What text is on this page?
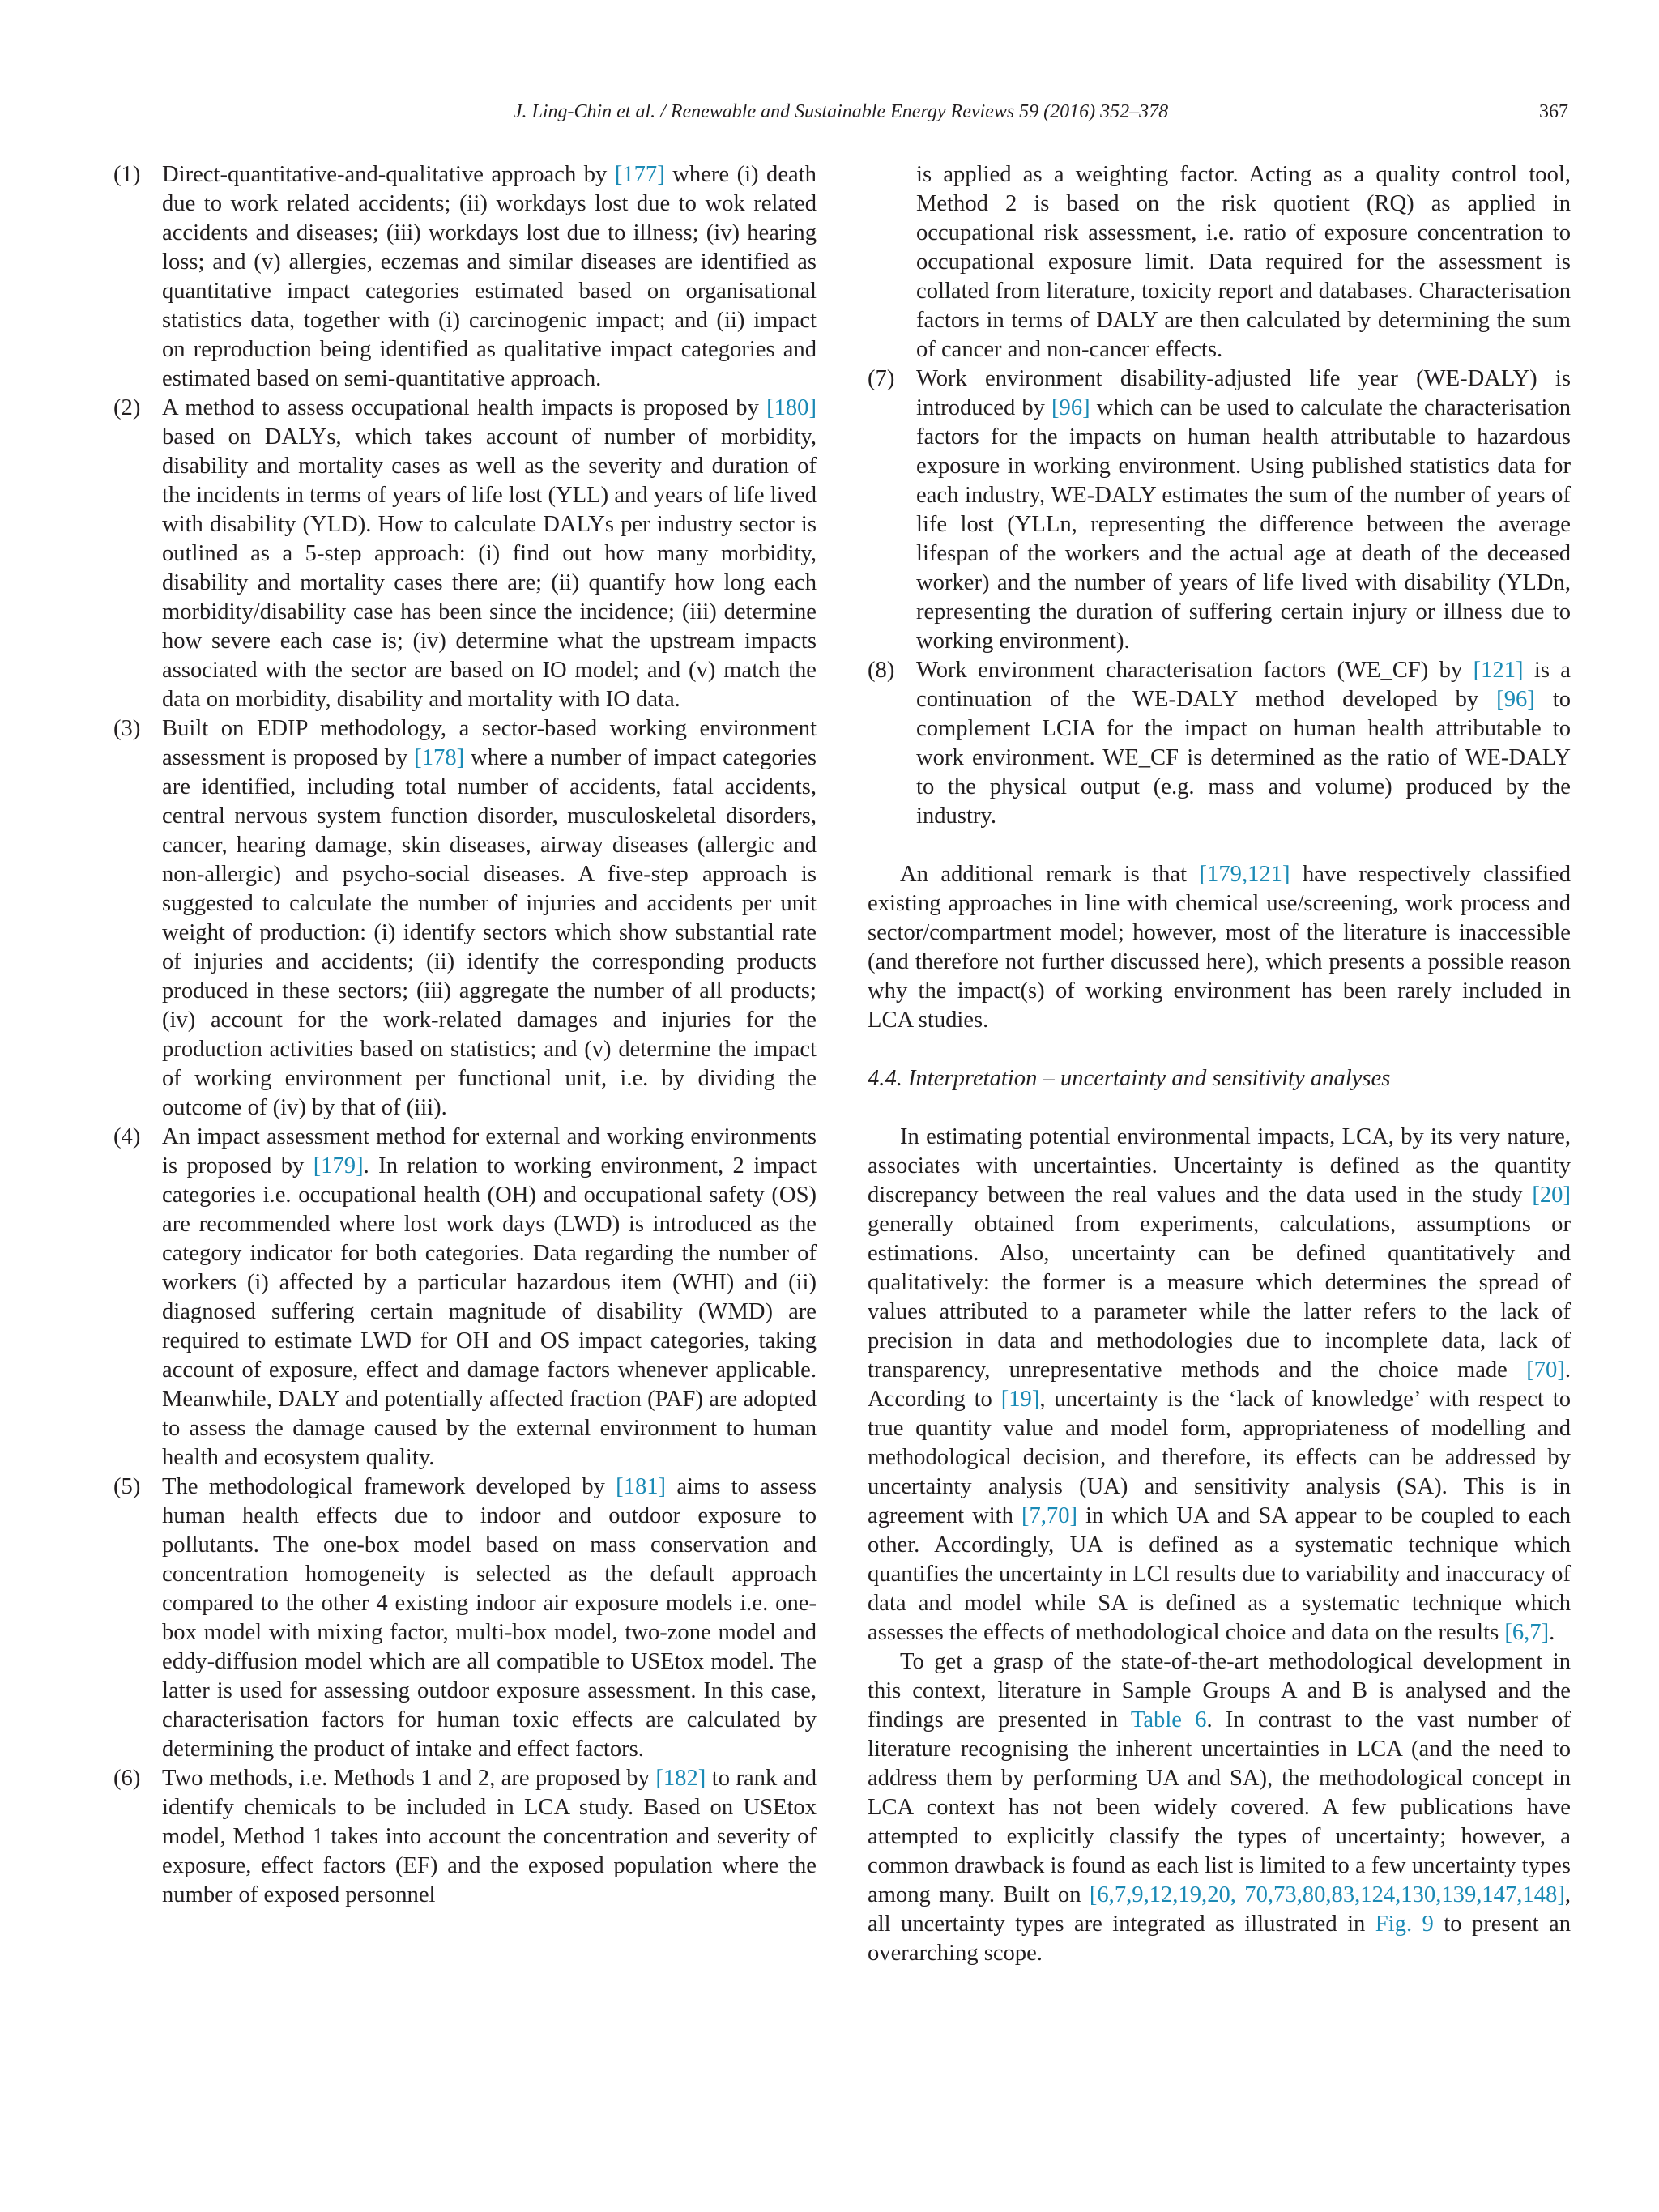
J. Ling-Chin et al. / Renewable and Sustainable Energy Reviews 59 (2016) 352–378	367
(1) Direct-quantitative-and-qualitative approach by [177] where (i) death due to work related accidents; (ii) workdays lost due to wok related accidents and diseases; (iii) workdays lost due to illness; (iv) hearing loss; and (v) allergies, eczemas and similar diseases are identified as quantitative impact categories estimated based on organisational statistics data, together with (i) carcinogenic impact; and (ii) impact on reproduction being identified as qualitative impact categories and estimated based on semi-quantitative approach.

(2) A method to assess occupational health impacts is proposed by [180] based on DALYs, which takes account of number of morbidity, disability and mortality cases as well as the severity and duration of the incidents in terms of years of life lost (YLL) and years of life lived with disability (YLD). How to calculate DALYs per industry sector is outlined as a 5-step approach: (i) find out how many morbidity, disability and mortality cases there are; (ii) quantify how long each morbidity/disability case has been since the incidence; (iii) determine how severe each case is; (iv) determine what the upstream impacts associated with the sector are based on IO model; and (v) match the data on morbidity, disability and mortality with IO data.

(3) Built on EDIP methodology, a sector-based working environment assessment is proposed by [178] where a number of impact categories are identified, including total number of accidents, fatal accidents, central nervous system function disorder, musculoskeletal disorders, cancer, hearing damage, skin diseases, airway diseases (allergic and non-allergic) and psycho-social diseases. A five-step approach is suggested to calculate the number of injuries and accidents per unit weight of production: (i) identify sectors which show substantial rate of injuries and accidents; (ii) identify the corresponding products produced in these sectors; (iii) aggregate the number of all products; (iv) account for the work-related damages and injuries for the production activities based on statistics; and (v) determine the impact of working environment per functional unit, i.e. by dividing the outcome of (iv) by that of (iii).

(4) An impact assessment method for external and working environments is proposed by [179]. In relation to working environment, 2 impact categories i.e. occupational health (OH) and occupational safety (OS) are recommended where lost work days (LWD) is introduced as the category indicator for both categories. Data regarding the number of workers (i) affected by a particular hazardous item (WHI) and (ii) diagnosed suffering certain magnitude of disability (WMD) are required to estimate LWD for OH and OS impact categories, taking account of exposure, effect and damage factors whenever applicable. Meanwhile, DALY and potentially affected fraction (PAF) are adopted to assess the damage caused by the external environment to human health and ecosystem quality.

(5) The methodological framework developed by [181] aims to assess human health effects due to indoor and outdoor exposure to pollutants. The one-box model based on mass conservation and concentration homogeneity is selected as the default approach compared to the other 4 existing indoor air exposure models i.e. one-box model with mixing factor, multi-box model, two-zone model and eddy-diffusion model which are all compatible to USEtox model. The latter is used for assessing outdoor exposure assessment. In this case, characterisation factors for human toxic effects are calculated by determining the product of intake and effect factors.

(6) Two methods, i.e. Methods 1 and 2, are proposed by [182] to rank and identify chemicals to be included in LCA study. Based on USEtox model, Method 1 takes into account the concentration and severity of exposure, effect factors (EF) and the exposed population where the number of exposed personnel

is applied as a weighting factor. Acting as a quality control tool, Method 2 is based on the risk quotient (RQ) as applied in occupational risk assessment, i.e. ratio of exposure concentration to occupational exposure limit. Data required for the assessment is collated from literature, toxicity report and databases. Characterisation factors in terms of DALY are then calculated by determining the sum of cancer and non-cancer effects.

(7) Work environment disability-adjusted life year (WE-DALY) is introduced by [96] which can be used to calculate the characterisation factors for the impacts on human health attributable to hazardous exposure in working environment. Using published statistics data for each industry, WE-DALY estimates the sum of the number of years of life lost (YLLn, representing the difference between the average lifespan of the workers and the actual age at death of the deceased worker) and the number of years of life lived with disability (YLDn, representing the duration of suffering certain injury or illness due to working environment).

(8) Work environment characterisation factors (WE_CF) by [121] is a continuation of the WE-DALY method developed by [96] to complement LCIA for the impact on human health attributable to work environment. WE_CF is determined as the ratio of WE-DALY to the physical output (e.g. mass and volume) produced by the industry.

An additional remark is that [179,121] have respectively classified existing approaches in line with chemical use/screening, work process and sector/compartment model; however, most of the literature is inaccessible (and therefore not further discussed here), which presents a possible reason why the impact(s) of working environment has been rarely included in LCA studies.

4.4. Interpretation – uncertainty and sensitivity analyses

In estimating potential environmental impacts, LCA, by its very nature, associates with uncertainties. Uncertainty is defined as the quantity discrepancy between the real values and the data used in the study [20] generally obtained from experiments, calculations, assumptions or estimations. Also, uncertainty can be defined quantitatively and qualitatively: the former is a measure which determines the spread of values attributed to a parameter while the latter refers to the lack of precision in data and methodologies due to incomplete data, lack of transparency, unrepresentative methods and the choice made [70]. According to [19], uncertainty is the ‘lack of knowledge’ with respect to true quantity value and model form, appropriateness of modelling and methodological decision, and therefore, its effects can be addressed by uncertainty analysis (UA) and sensitivity analysis (SA). This is in agreement with [7,70] in which UA and SA appear to be coupled to each other. Accordingly, UA is defined as a systematic technique which quantifies the uncertainty in LCI results due to variability and inaccuracy of data and model while SA is defined as a systematic technique which assesses the effects of methodological choice and data on the results [6,7].

To get a grasp of the state-of-the-art methodological development in this context, literature in Sample Groups A and B is analysed and the findings are presented in Table 6. In contrast to the vast number of literature recognising the inherent uncertainties in LCA (and the need to address them by performing UA and SA), the methodological concept in LCA context has not been widely covered. A few publications have attempted to explicitly classify the types of uncertainty; however, a common drawback is found as each list is limited to a few uncertainty types among many. Built on [6,7,9,12,19,20, 70,73,80,83,124,130,139,147,148], all uncertainty types are integrated as illustrated in Fig. 9 to present an overarching scope.
